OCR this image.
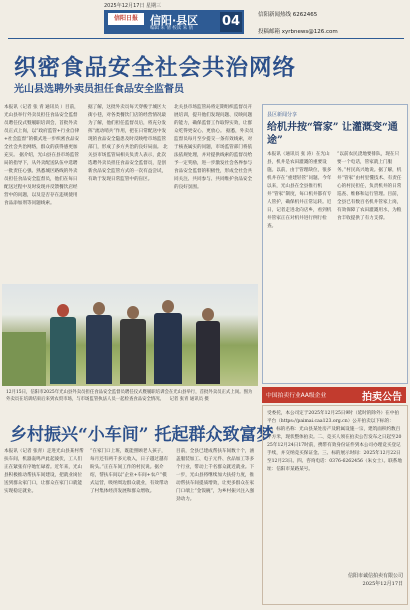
2025年12月17日 星期三
信阳日报	信阳·县区
编辑 朱 倩 校读 朱 倩 04	信阳新闻热线 6262465
投稿邮箱 xyrbnews@126.com
织密食品安全社会共治网络
光山县选聘外卖员担任食品安全监督员
本报讯（记者 张 青 通讯员 ）目前，光山县举行外卖员担任食品安全监督员聘任仪式暨履职培训会，首批外卖员正式上岗，以“政府监管+行业自律+社会监督”的模式进一步织密食品安全社会共治网络，群众的获得感更加充实。 据介绍，光山县在县市场监管局的指导下，从外卖配送队伍中选聘一批责任心强、熟悉城区路线的外卖员担任食品安全监督员，他们在每日配送过程中及时发现并反馈餐饮店经营中的问题，以及是否存在违规使用食品添加剂等问题线索。
据了解，这批外卖员每天穿梭于城区大街小巷，对各类餐饮门店的经营情况最为了解，他们担任监督员后，将充分发挥“流动哨兵”作用，把在日常配送中发现的食品安全隐患及时反映给市场监管部门，形成了多方共治的良好局面。 北关县市场监管局相关负责人表示，此次选聘外卖员担任食品安全监督员，是创新食品安全监管方式的一次有益尝试，有助于发现日常监管中的盲区。
北关县市场监管局将定期组织监督员开展培训，提升他们发现问题、反映问题的能力，确保监督工作取得实效，让群众吃得更安心、更放心。 据悉，外卖员监督员每月至少提交一条有效线索，对于核查属实的问题，市场监管部门将依法依规处理，并对提供线索的监督员给予一定奖励，进一步激发社会各界参与食品安全监督的积极性，形成全社会共同关注、共同参与、共同维护食品安全的良好氛围。
12月15日，信阳市2025年光山县外卖员担任食品安全监督员聘任仪式暨履职培训会在光山县举行，首批外卖员正式上岗。图为外卖员在培训结束后来到农贸市场，与市场监管执法人员一起检查食品安全情况。 记者 张青 通讯员 摄
县区新闻分享
给机井按“管家” 让灌溉变“通途”
本报讯（通讯员 张 涛）在光山县，机井是农田灌溉的重要设施。以前，由于管理缺位，很多机井存在“重建轻管”问题。今年以来，光山县在全县推行机井“管家”制度，每口机井都有专人管护，确保机井正常运转。近日，记者走进北向店乡，看到机井管家正在对机井进行例行检查。
“以前农民浇地要排队，现在只要一个电话，管家就上门服务。”村民高兴地说。据了解，机井“管家”由村里懂技术、有责任心的村民担任，负责机井的日常巡查、维修和运行管理。目前，全县已有数百名机井管家上岗，有效保障了农田灌溉用水，为粮食丰收提供了有力支撑。
乡村振兴“小车间” 托起群众致富梦
本报讯（记者 张青）走进光山县某村帮扶车间，机器轰鸣声此起彼伏，工人们正在紧张有序地忙碌着。近年来，光山县积极推动帮扶车间建设，把就业岗位送到群众家门口，让群众在家门口就能实现稳定就业。
“在家门口上班，既能照顾老人孩子，每月还有两千多元收入，日子越过越有盼头。”正在车间工作的村民说。据介绍，帮扶车间以“企业+车间+农户”模式运营，吸纳周边群众就业，有效带动了村集体经济发展和群众增收。
目前，全县已建成帮扶车间数十个，涵盖服装加工、电子元件、食品加工等多个行业，带动上千名群众就近就业。下一步，光山县将继续加大扶持力度，推动帮扶车间提质增效，让更多群众在家门口端上“金饭碗”，为乡村振兴注入强劲动力。
中国拍卖行业AA级企业	拍卖公告
受委托，本公司定于2025年12月25日9时（延时的除外）在中拍平台（https://paimai.caa123.org.cn）公开拍卖以下标的： 一、标的名称：光山县某处房产及附属设施一宗，建筑面积约数百平方米，现状整体拍卖。二、竞买人须在拍卖公告发布之日起至2025年12月24日17时前，携带有效身份证件到本公司办理竞买登记手续，并交纳竞买保证金。三、标的展示时间：2025年12月22日至12月23日。四、咨询电话：0376-6262456（朱女士）。联系地址：信阳市某路某号。
信阳市诚信拍卖有限公司
2025年12月17日
